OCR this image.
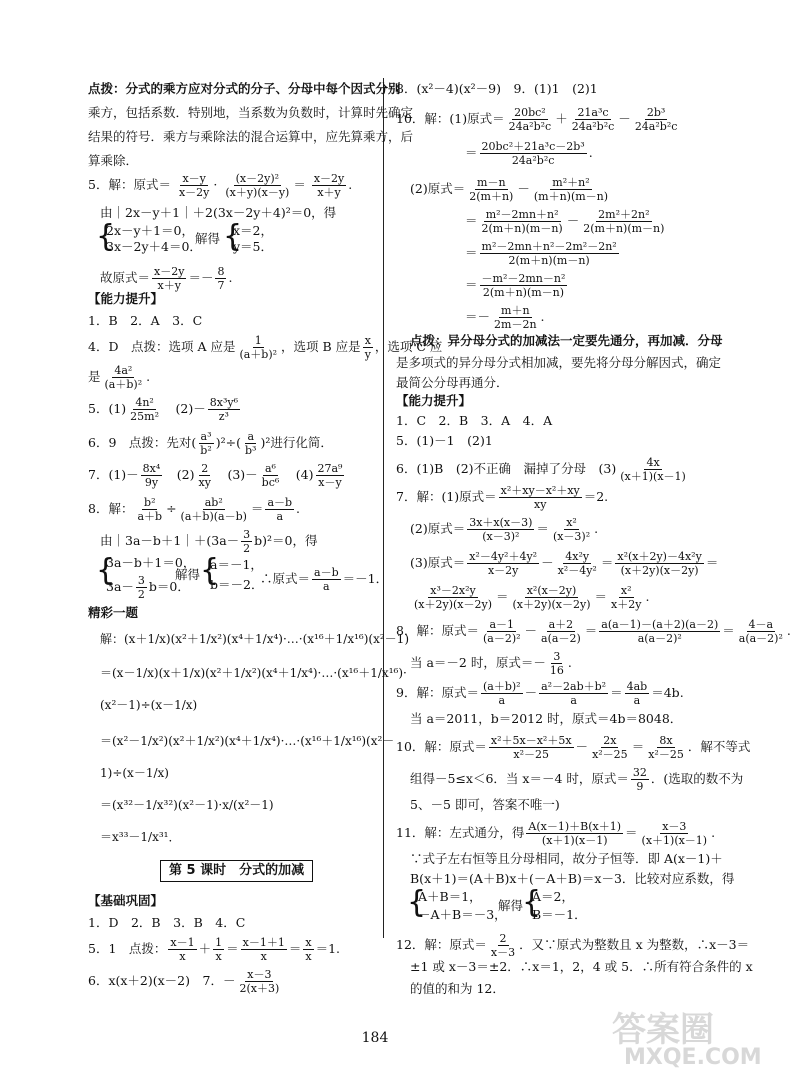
点拨：分式的乘方应对分式的分子、分母中每个因式分别
乘方，包括系数．特别地，当系数为负数时，计算时先确定
结果的符号．乘方与乘除法的混合运算中，应先算乘方，后
算乘除．
5．解：原式＝ $\frac{x-y}{x-2y} \cdot \frac{\text{(x－2y)²}}{(x+y)(x-y)} = \frac{x-2y}{x+y}$ .
由｜2x－y＋1｜＋2(3x－2y＋4)²＝0，得
{
2x－y＋1＝0，
3x－2y＋4＝0．
解得 {
x＝2，
y＝5．
故原式＝ $\frac{x-2y}{x+y} =- \frac{8}{7}$ .
【能力提升】
1．B　2．A　3．C
4．D　点拨：选项 A 应是 $\frac{1}{\text{(a＋b)²}}$ ，选项 B 应是 $\frac{x}{y}$ ，选项 C 应
是 $\frac{\text{4a²}}{\text{(a＋b)²}}$ .
5．$(1) \frac{\text{4n²}}{\text{25m²}}$
　 $(2)- \frac{\text{8x³y⁶}}{\text{z³}}$
6．9　点拨：先对( $\frac{\text{a³}}{\text{b²}} )^2\div( \frac{a}{\text{b³}} )^2$进行化简．
7．$(1)- \frac{\text{8x⁴}}{9y}$ 　$(2) \frac{2}{xy}$ 　$(3)- \frac{\text{a⁶}}{\text{bc⁶}}$ 　$(4) \frac{\text{27a⁹}}{x-y}$
8．解： $\frac{\text{b²}}{a+b} \div \frac{\text{ab²}}{(a+b)(a-b)} = \frac{a-b}{a}$ .
由｜3a－b＋1｜＋(3a－ $\frac{3}{2} b)^2=0$，得
{
3a－b＋1＝0，
$3a- \frac{3}{2} b=0$．
解得 {
a＝－1，
b＝－2．
∴原式＝ $\frac{a-b}{a} =-1$．
精彩一题
解：(x＋1/x)(x²＋1/x²)(x⁴＋1/x⁴)·…·(x¹⁶＋1/x¹⁶)(x²－1)
＝(x－1/x)(x＋1/x)(x²＋1/x²)(x⁴＋1/x⁴)·…·(x¹⁶＋1/x¹⁶)·
(x²－1)÷(x－1/x)
＝(x²－1/x²)(x²＋1/x²)(x⁴＋1/x⁴)·…·(x¹⁶＋1/x¹⁶)(x²－
1)÷(x－1/x)
＝(x³²－1/x³²)(x²－1)·x/(x²－1)
＝x³³－1/x³¹．
第 5 课时　分式的加减
【基础巩固】
1．D　2．B　3．B　4．C
5．1　点拨： $\frac{x-1}{x} + \frac{1}{x} = \frac{x-1+1}{x} = \frac{x}{x} =1$.
6．x(x＋2)(x－2)　7．－ $\frac{x-3}{2(x+3)}$
8．(x²－4)(x²－9)　9．(1)1　(2)1
10．解：(1)原式＝ $\frac{\text{20bc²}}{\text{24a²b²c}} + \frac{\text{21a³c}}{\text{24a²b²c}} - \frac{\text{2b³}}{\text{24a²b²c}}$
＝ $\frac{\text{20bc²＋21a³c－2b³}}{\text{24a²b²c}}$ .
(2)原式＝ $\frac{m-n}{2(m+n)} - \frac{\text{m²＋n²}}{(m+n)(m-n)}$
＝ $\frac{\text{m²－2mn＋n²}}{2(m+n)(m-n)} - \frac{\text{2m²＋2n²}}{2(m+n)(m-n)}$
＝ $\frac{\text{m²－2mn＋n²－2m²－2n²}}{2(m+n)(m-n)}$
＝ $\frac{\text{－m²－2mn－n²}}{2(m+n)(m-n)}$
＝－ $\frac{m+n}{2m-2n}$ .
点拨：异分母分式的加减法一定要先通分，再加减．分母
是多项式的异分母分式相加减，要先将分母分解因式，确定
最简公分母再通分．
【能力提升】
1．C　2．B　3．A　4．A
5．(1)－1　(2)1
6．(1)B　(2)不正确　漏掉了分母　$(3) \frac{4x}{(x+1)(x-1)}$
7．解：(1)原式＝ $\frac{\text{x²＋xy－x²＋xy}}{xy} =2$.
(2)原式＝ $\frac{3x+x(x-3)}{\text{(x－3)²}} = \frac{\text{x²}}{\text{(x－3)²}}$ .
(3)原式＝ $\frac{\text{x²－4y²＋4y²}}{x-2y} - \frac{\text{4x²y}}{\text{x²－4y²}} = \frac{\text{x²(x＋2y)－4x²y}}{(x+2y)(x-2y)}$ ＝
$\frac{\text{x³－2x²y}}{(x+2y)(x-2y)} = \frac{\text{x²(x－2y)}}{(x+2y)(x-2y)} = \frac{\text{x²}}{x+2y}$ .
8．解：原式＝ $\frac{a-1}{\text{(a－2)²}} - \frac{a+2}{a(a-2)} = \frac{a(a-1)-(a+2)(a-2)}{\text{a(a－2)²}} = \frac{4-a}{\text{a(a－2)²}}$ .
当 a＝－2 时，原式＝－ $\frac{3}{16}$ .
9．解：原式＝ $\frac{\text{(a＋b)²}}{a} - \frac{\text{a²－2ab＋b²}}{a} = \frac{4ab}{a} =4b$.
当 a＝2011，b＝2012 时，原式＝4b＝8048．
10．解：原式＝ $\frac{\text{x²＋5x－x²＋5x}}{\text{x²－25}} - \frac{2x}{\text{x²－25}} = \frac{8x}{\text{x²－25}}$ ．解不等式
组得－5≤x＜6．当 x＝－4 时，原式＝ $\frac{32}{9}$ ．(选取的数不为
5、－5 即可，答案不唯一)
11．解：左式通分，得 $\frac{A(x-1)+B(x+1)}{(x+1)(x-1)} = \frac{x-3}{(x+1)(x-1)}$ .
∵式子左右恒等且分母相同，故分子恒等．即 A(x－1)＋
B(x＋1)＝(A＋B)x＋(－A＋B)＝x－3．比较对应系数，得
{
A＋B＝1，
－A＋B＝－3，
解得
{
A＝2，
B＝－1．
12．解：原式＝ $\frac{2}{x-3}$ ．又∵原式为整数且 x 为整数，∴x－3＝
±1 或 x－3＝±2．∴x＝1，2，4 或 5．∴所有符合条件的 x
的值的和为 12．
184	答案圈
MXQE.COM
